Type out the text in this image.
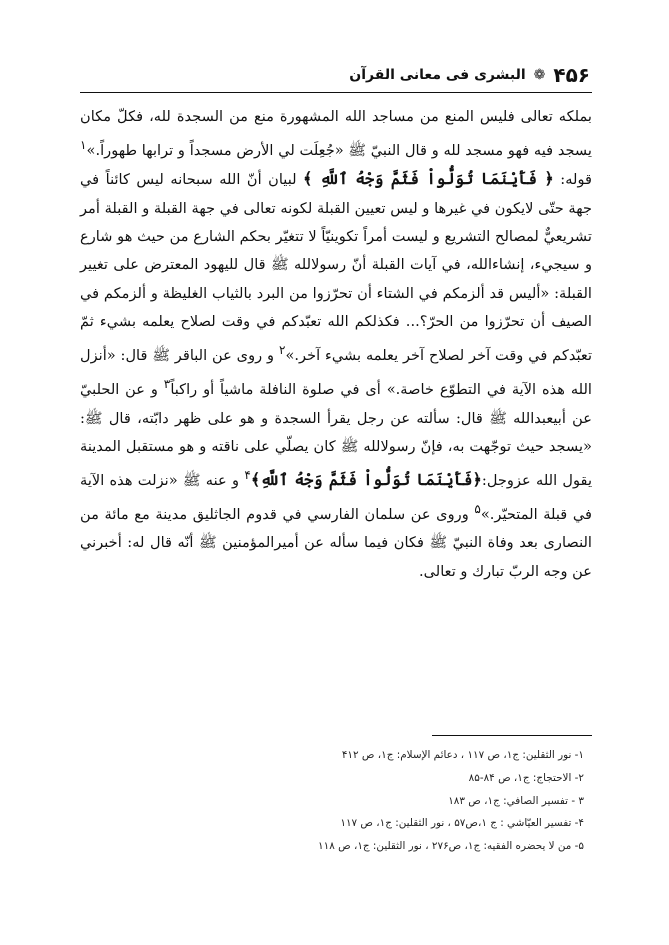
۴۵۶
❁
البشری فی معانی القرآن

بملكه تعالى فليس المنع من مساجد الله المشهورة منع من السجدة لله، فكلّ مكان يسجد فيه فهو مسجد لله و قال النبيّ ﷺ «جُعِلَت لي الأرض مسجداً و ترابها طهوراً.»$^١$ قوله: ﴿ فَأَيْنَمَا تُوَلُّواْ فَثَمَّ وَجْهُ ٱللَّهِ ﴾ لبيان أنّ الله سبحانه ليس كائناً في جهة حتّى لايكون في غيرها و ليس تعيين القبلة لكونه تعالى في جهة القبلة و القبلة أمر تشريعيٌّ لمصالح التشريع و ليست أمراً تكوينيّاً لا تتغيّر بحكم الشارع من حيث هو شارع و سيجيء، إنشاءالله، في آيات القبلة أنّ رسولالله ﷺ قال لليهود المعترض على تغيير القبلة: «أليس قد ألزمكم في الشتاء أن تحرّزوا من البرد بالثياب الغليظة و ألزمكم في الصيف أن تحرّزوا من الحرّ؟... فكذلكم الله تعبّدكم في وقت لصلاح يعلمه بشيء ثمّ تعبّدكم في وقت آخر لصلاح آخر يعلمه بشيء آخر.»$^٢$ و روى عن الباقر ﷺ قال: «أنزل الله هذه الآية في التطوّع خاصة.» أى في صلوة النافلة ماشياً أو راكباً$^٣$ و عن الحلبيّ عن أبيعبدالله ﷺ قال: سألته عن رجل يقرأ السجدة و هو على ظهر دابّته، قال ﷺ: «يسجد حيث توجّهت به، فإنّ رسولالله ﷺ كان يصلّي على ناقته و هو مستقبل المدينة يقول الله عزوجل:﴿فَأَيْنَمَا تُوَلُّواْ فَثَمَّ وَجْهُ ٱللَّهِ﴾$^۴$ و عنه ﷺ «نزلت هذه الآية في قبلة المتحيّر.»$^۵$ وروى عن سلمان الفارسي في قدوم الجاثليق مدينة مع مائة من النصارى بعد وفاة النبيّ ﷺ فكان فيما سأله عن أميرالمؤمنين ﷺ أنّه قال له: أخبرني عن وجه الربّ تبارك و تعالى.

١- نور الثقلين: ج١، ص ١١٧ ، دعائم الإسلام: ج١، ص ۴١٢
٢- الاحتجاج: ج١، ص ٨۴-٨۵
٣ - تفسير الصافي: ج١، ص ١٨٣
۴- تفسير العيّاشي : ج ١،ص۵٧ ، نور الثقلين: ج١، ص ١١٧
۵- من لا يحضره الفقيه: ج١، ص٢٧۶ ، نور الثقلين: ج١، ص ١١٨
